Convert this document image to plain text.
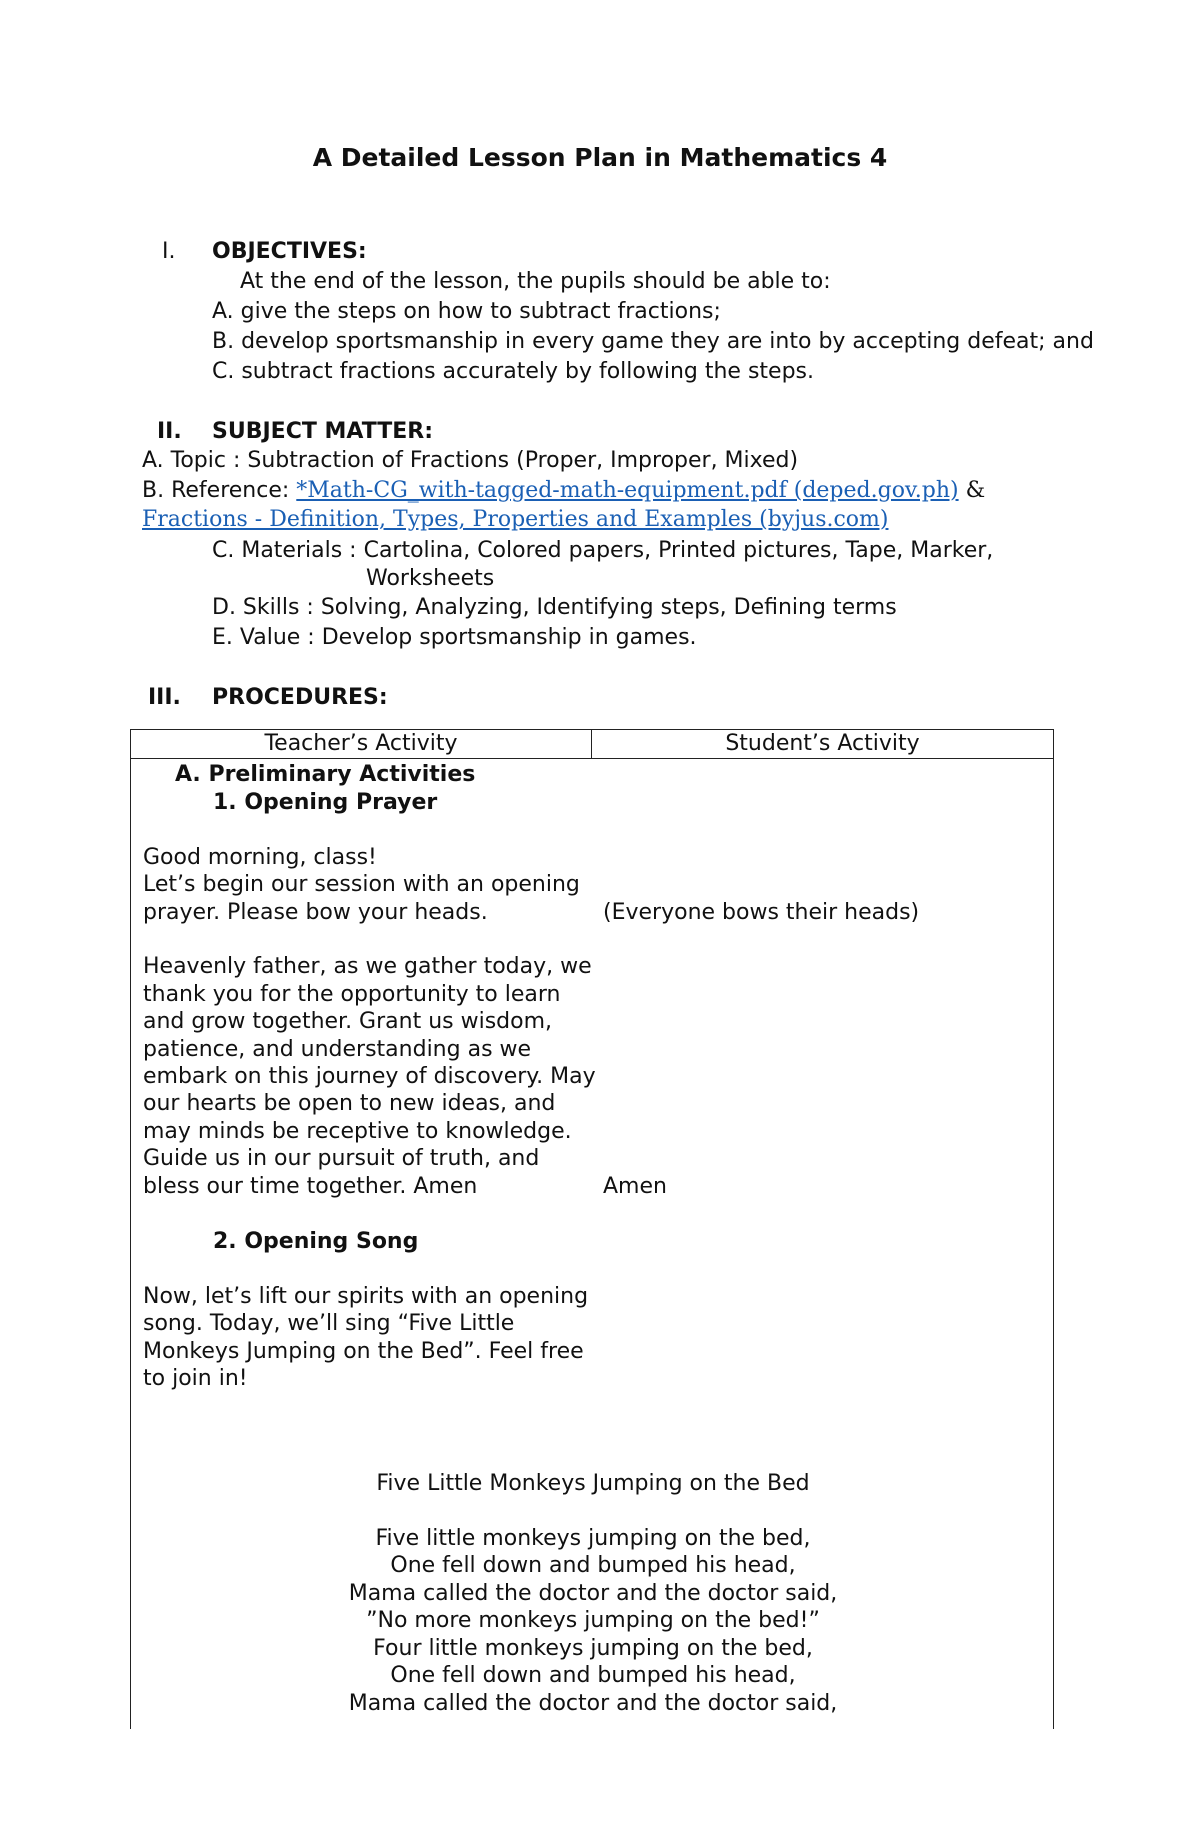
A Detailed Lesson Plan in Mathematics 4
I. OBJECTIVES:
At the end of the lesson, the pupils should be able to:
A. give the steps on how to subtract fractions;
B. develop sportsmanship in every game they are into by accepting defeat; and
C. subtract fractions accurately by following the steps.
II. SUBJECT MATTER:
A. Topic : Subtraction of Fractions (Proper, Improper, Mixed)
B. Reference: *Math-CG_with-tagged-math-equipment.pdf (deped.gov.ph) &
Fractions - Definition, Types, Properties and Examples (byjus.com)
C. Materials : Cartolina, Colored papers, Printed pictures, Tape, Marker,
Worksheets
D. Skills : Solving, Analyzing, Identifying steps, Defining terms
E. Value : Develop sportsmanship in games.
III. PROCEDURES:
Teacher’s Activity	Student’s Activity

A. Preliminary Activities
1. Opening Prayer
Good morning, class!
Let’s begin our session with an opening
prayer. Please bow your heads.	(Everyone bows their heads)
Heavenly father, as we gather today, we
thank you for the opportunity to learn
and grow together. Grant us wisdom,
patience, and understanding as we
embark on this journey of discovery. May
our hearts be open to new ideas, and
may minds be receptive to knowledge.
Guide us in our pursuit of truth, and
bless our time together. Amen	Amen
2. Opening Song
Now, let’s lift our spirits with an opening
song. Today, we’ll sing “Five Little
Monkeys Jumping on the Bed”. Feel free
to join in!
Five Little Monkeys Jumping on the Bed
Five little monkeys jumping on the bed,
One fell down and bumped his head,
Mama called the doctor and the doctor said,
”No more monkeys jumping on the bed!”
Four little monkeys jumping on the bed,
One fell down and bumped his head,
Mama called the doctor and the doctor said,
